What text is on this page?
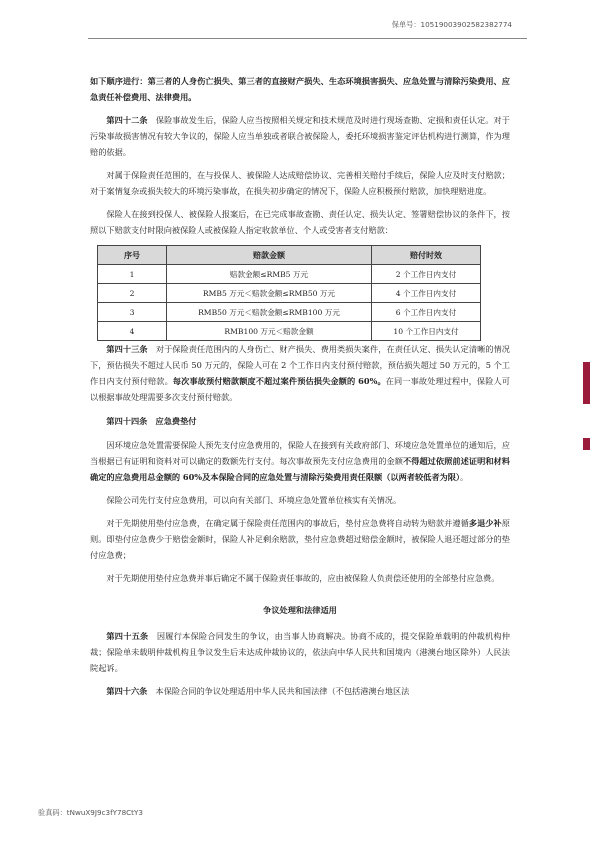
保单号：10519003902582382774

如下顺序进行：第三者的人身伤亡损失、第三者的直接财产损失、生态环境损害损失、应急处置与清除污染费用、应急责任补偿费用、法律费用。

第四十二条　 保险事故发生后，保险人应当按照相关规定和技术规范及时进行现场查勘、定损和责任认定。对于污染事故损害情况有较大争议的，保险人应当单独或者联合被保险人，委托环境损害鉴定评估机构进行测算，作为理赔的依据。

对属于保险责任范围的，在与投保人、被保险人达成赔偿协议、完善相关赔付手续后，保险人应及时支付赔款；对于案情复杂或损失较大的环境污染事故，在损失初步确定的情况下，保险人应积极预付赔款，加快理赔进度。

保险人在接到投保人、被保险人报案后，在已完成事故查勘、责任认定、损失认定、签署赔偿协议的条件下，按照以下赔款支付时限向被保险人或被保险人指定收款单位、个人或受害者支付赔款：

序号	赔款金额	赔付时效
1	赔款金额≤RMB5 万元	2 个工作日内支付
2	RMB5 万元＜赔款金额≤RMB50 万元	4 个工作日内支付
3	RMB50 万元＜赔款金额≤RMB100 万元	6 个工作日内支付
4	RMB100 万元＜赔款金额	10 个工作日内支付

第四十三条　 对于保险责任范围内的人身伤亡、财产损失、费用类损失案件，在责任认定、损失认定清晰的情况下，预估损失不超过人民币 50 万元的，保险人可在 2 个工作日内支付预付赔款，预估损失超过 50 万元的，5 个工作日内支付预付赔款。每次事故预付赔款额度不超过案件预估损失金额的 60%。在同一事故处理过程中，保险人可以根据事故处理需要多次支付预付赔款。

第四十四条　应急费垫付

因环境应急处置需要保险人预先支付应急费用的，保险人在接到有关政府部门、环境应急处置单位的通知后，应当根据已有证明和资料对可以确定的数额先行支付。每次事故预先支付应急费用的金额不得超过依照前述证明和材料确定的应急费用总金额的 60%及本保险合同的应急处置与清除污染费用责任限额（以两者较低者为限）。

保险公司先行支付应急费用，可以向有关部门、环境应急处置单位核实有关情况。

对于先期使用垫付应急费，在确定属于保险责任范围内的事故后，垫付应急费将自动转为赔款并遵循多退少补原则。即垫付应急费少于赔偿金额时，保险人补足剩余赔款，垫付应急费超过赔偿金额时，被保险人退还超过部分的垫付应急费；

对于先期使用垫付应急费并事后确定不属于保险责任事故的，应由被保险人负责偿还使用的全部垫付应急费。

争议处理和法律适用

第四十五条　 因履行本保险合同发生的争议，由当事人协商解决。协商不成的，提交保险单载明的仲裁机构仲裁；保险单未载明仲裁机构且争议发生后未达成仲裁协议的，依法向中华人民共和国境内（港澳台地区除外）人民法院起诉。

第四十六条　 本保险合同的争议处理适用中华人民共和国法律（不包括港澳台地区法

验真码：tNwuX9J9c3fY78CtY3
